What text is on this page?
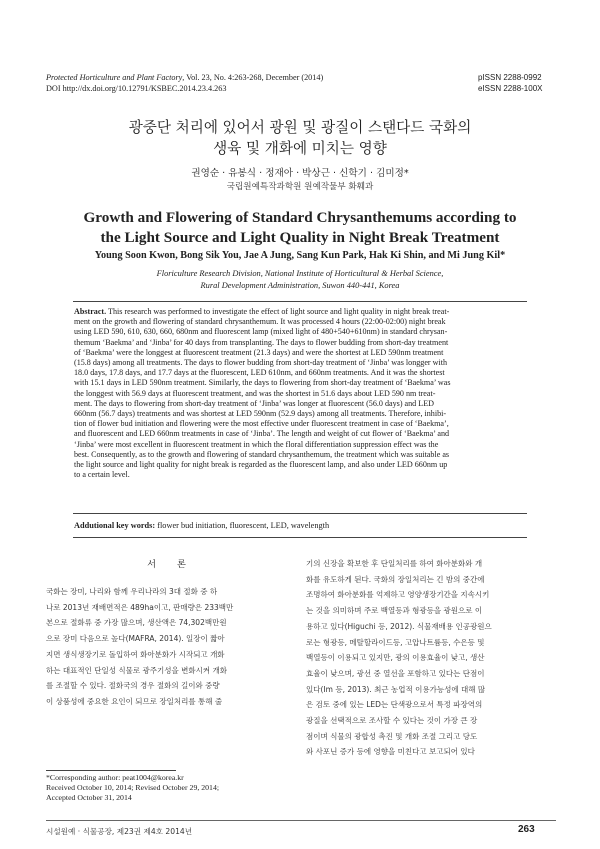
Protected Horticulture and Plant Factory, Vol. 23, No. 4:263-268, December (2014)
DOI http://dx.doi.org/10.12791/KSBEC.2014.23.4.263
pISSN 2288-0992
eISSN 2288-100X
광중단 처리에 있어서 광원 및 광질이 스탠다드 국화의
생육 및 개화에 미치는 영향
권영순 · 유봉식 · 정재아 · 박상근 · 신학기 · 김미정*
국립원예특작과학원 원예작물부 화훼과
Growth and Flowering of Standard Chrysanthemums according to
the Light Source and Light Quality in Night Break Treatment
Young Soon Kwon, Bong Sik You, Jae A Jung, Sang Kun Park, Hak Ki Shin, and Mi Jung Kil*
Floriculture Research Division, National Institute of Horticultural & Herbal Science,
Rural Development Administration, Suwon 440-441, Korea
Abstract. This research was performed to investigate the effect of light source and light quality in night break treat-
ment on the growth and flowering of standard chrysanthemum. It was processed 4 hours (22:00-02:00) night break
using LED 590, 610, 630, 660, 680nm and fluorescent lamp (mixed light of 480+540+610nm) in standard chrysan-
themum ‘Baekma’ and ‘Jinba’ for 40 days from transplanting. The days to flower budding from short-day treatment
of ‘Baekma’ were the longgest at fluorescent treatment (21.3 days) and were the shortest at LED 590nm treatment
(15.8 days) among all treatments. The days to flower budding from short-day treatment of ‘Jinba’ was longger with
18.0 days, 17.8 days, and 17.7 days at the fluorescent, LED 610nm, and 660nm treatments. And it was the shortest
with 15.1 days in LED 590nm treatment. Similarly, the days to flowering from short-day treatment of ‘Baekma’ was
the longgest with 56.9 days at fluorescent treatment, and was the shortest in 51.6 days about LED 590 nm treat-
ment. The days to flowering from short-day treatment of ‘Jinba’ was longer at fluorescent (56.0 days) and LED
660nm (56.7 days) treatments and was shortest at LED 590nm (52.9 days) among all treatments. Therefore, inhibi-
tion of flower bud initiation and flowering were the most effective under fluorescent treatment in case of ‘Baekma’,
and fluorescent and LED 660nm treatments in case of ‘Jinba’. The length and weight of cut flower of ‘Baekma’ and
‘Jinba’ were most excellent in fluorescent treatment in which the floral differentiation suppression effect was the
best. Consequently, as to the growth and flowering of standard chrysanthemum, the treatment which was suitable as
the light source and light quality for night break is regarded as the fluorescent lamp, and also under LED 660nm up
to a certain level.
Addutional key words: flower bud initiation, fluorescent, LED, wavelength
서 론
국화는 장미, 나리와 함께 우리나라의 3대 절화 중 하
나로 2013년 재배면적은 489ha이고, 판매량은 233백만
본으로 절화류 중 가장 많으며, 생산액은 74,302백만원
으로 장미 다음으로 높다(MAFRA, 2014). 일장이 짧아
지면 생식생장기로 돌입하여 화아분화가 시작되고 개화
하는 대표적인 단일성 식물로 광주기성을 변화시켜 개화
를 조절할 수 있다. 절화국의 경우 절화의 길이와 중량
이 상품성에 중요한 요인이 되므로 장일처리를 통해 줄
기의 신장을 확보한 후 단일처리를 하여 화아분화와 개
화를 유도하게 된다. 국화의 장일처리는 긴 밤의 중간에
조명하여 화아분화를 억제하고 영양생장기간을 지속시키
는 것을 의미하며 주로 백열등과 형광등을 광원으로 이
용하고 있다(Higuchi 등, 2012). 식물재배용 인공광원으
로는 형광등, 메탈할라이드등, 고압나트륨등, 수은등 및
백열등이 이용되고 있지만, 광의 이용효율이 낮고, 생산
효율이 낮으며, 광선 중 열선을 포함하고 있다는 단점이
있다(Im 등, 2013). 최근 농업적 이용가능성에 대해 많
은 검토 중에 있는 LED는 단색광으로서 특정 파장역의
광질을 선택적으로 조사할 수 있다는 것이 가장 큰 장
점이며 식물의 광합성 촉진 및 개화 조절 그리고 당도
와 사포닌 증가 등에 영향을 미친다고 보고되어 있다
*Corresponding author: peat1004@korea.kr
Received October 10, 2014; Revised October 29, 2014;
Accepted October 31, 2014
시설원예 · 식물공장, 제23권 제4호 2014년	263
